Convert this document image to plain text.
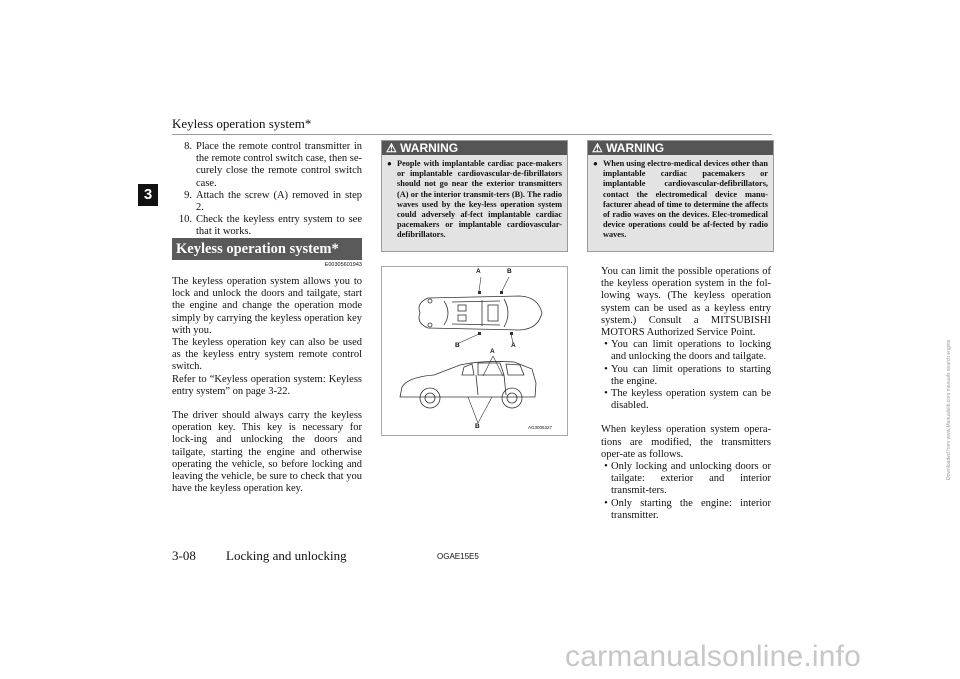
Keyless operation system*
3
8. Place the remote control transmitter in the remote control switch case, then se-curely close the remote control switch case.
9. Attach the screw (A) removed in step 2.
10. Check the keyless entry system to see that it works.
Keyless operation system*
E00305601943

The keyless operation system allows you to lock and unlock the doors and tailgate, start the engine and change the operation mode simply by carrying the keyless operation key with you.

The keyless operation key can also be used as the keyless entry system remote control switch.

Refer to “Keyless operation system: Keyless entry system” on page 3-22.

The driver should always carry the keyless operation key. This key is necessary for lock-ing and unlocking the doors and tailgate, starting the engine and otherwise operating the vehicle, so before locking and leaving the vehicle, be sure to check that you have the keyless operation key.

⚠ WARNING
● People with implantable cardiac pace-makers or implantable cardiovascular-de-fibrillators should not go near the exterior transmitters (A) or the interior transmit-ters (B). The radio waves used by the key-less operation system could adversely af-fect implantable cardiac pacemakers or implantable cardiovascular-defibrillators.
⚠ WARNING
● When using electro-medical devices other than implantable cardiac pacemakers or implantable cardiovascular-defibrillators, contact the electromedical device manu-facturer ahead of time to determine the affects of radio waves on the devices. Elec-tromedical device operations could be af-fected by radio waves.
A	B
B	A
A
B	AG3005327

You can limit the possible operations of the keyless operation system in the fol-lowing ways. (The keyless operation system can be used as a keyless entry system.) Consult a MITSUBISHI MOTORS Authorized Service Point.

• You can limit operations to locking and unlocking the doors and tailgate.
• You can limit operations to starting the engine.
• The keyless operation system can be disabled.

When keyless operation system opera-tions are modified, the transmitters oper-ate as follows.

• Only locking and unlocking doors or tailgate: exterior and interior transmit-ters.
• Only starting the engine: interior transmitter.
3-08 Locking and unlocking	OGAE15E5
carmanualsonline.info
Downloaded from www.Manualslib.com manuals search engine
